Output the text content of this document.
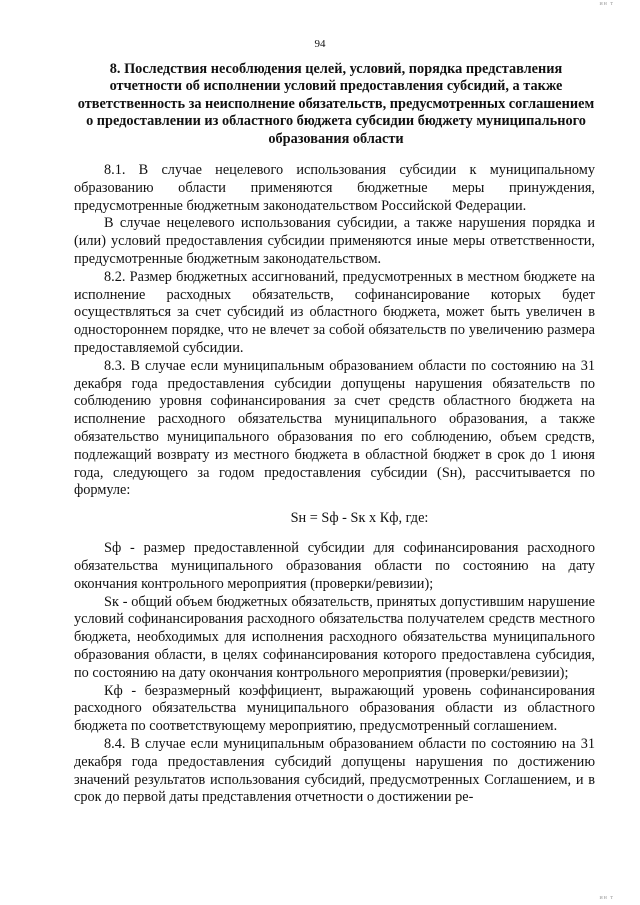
ин т
94
8. Последствия несоблюдения целей, условий, порядка представления отчетности об исполнении условий предоставления субсидий, а также ответственность за неисполнение обязательств, предусмотренных соглашением о предоставлении из областного бюджета субсидии бюджету муниципального образования области

8.1. В случае нецелевого использования субсидии к муниципальному образованию области применяются бюджетные меры принуждения, предусмотренные бюджетным законодательством Российской Федерации.

В случае нецелевого использования субсидии, а также нарушения порядка и (или) условий предоставления субсидии применяются иные меры ответственности, предусмотренные бюджетным законодательством.

8.2. Размер бюджетных ассигнований, предусмотренных в местном бюджете на исполнение расходных обязательств, софинансирование которых будет осуществляться за счет субсидий из областного бюджета, может быть увеличен в одностороннем порядке, что не влечет за собой обязательств по увеличению размера предоставляемой субсидии.

8.3. В случае если муниципальным образованием области по состоянию на 31 декабря года предоставления субсидии допущены нарушения обязательств по соблюдению уровня софинансирования за счет средств областного бюджета на исполнение расходного обязательства муниципального образования, а также обязательство муниципального образования по его соблюдению, объем средств, подлежащий возврату из местного бюджета в областной бюджет в срок до 1 июня года, следующего за годом предоставления субсидии (Sн), рассчитывается по формуле:

Sн = Sф - Sк х Кф, где:

Sф - размер предоставленной субсидии для софинансирования расходного обязательства муниципального образования области по состоянию на дату окончания контрольного мероприятия (проверки/ревизии);

Sк - общий объем бюджетных обязательств, принятых допустившим нарушение условий софинансирования расходного обязательства получателем средств местного бюджета, необходимых для исполнения расходного обязательства муниципального образования области, в целях софинансирования которого предоставлена субсидия, по состоянию на дату окончания контрольного мероприятия (проверки/ревизии);

Кф - безразмерный коэффициент, выражающий уровень софинансирования расходного обязательства муниципального образования области из областного бюджета по соответствующему мероприятию, предусмотренный соглашением.

8.4. В случае если муниципальным образованием области по состоянию на 31 декабря года предоставления субсидий допущены нарушения по достижению значений результатов использования субсидий, предусмотренных Соглашением, и в срок до первой даты представления отчетности о достижении ре-

ин т
